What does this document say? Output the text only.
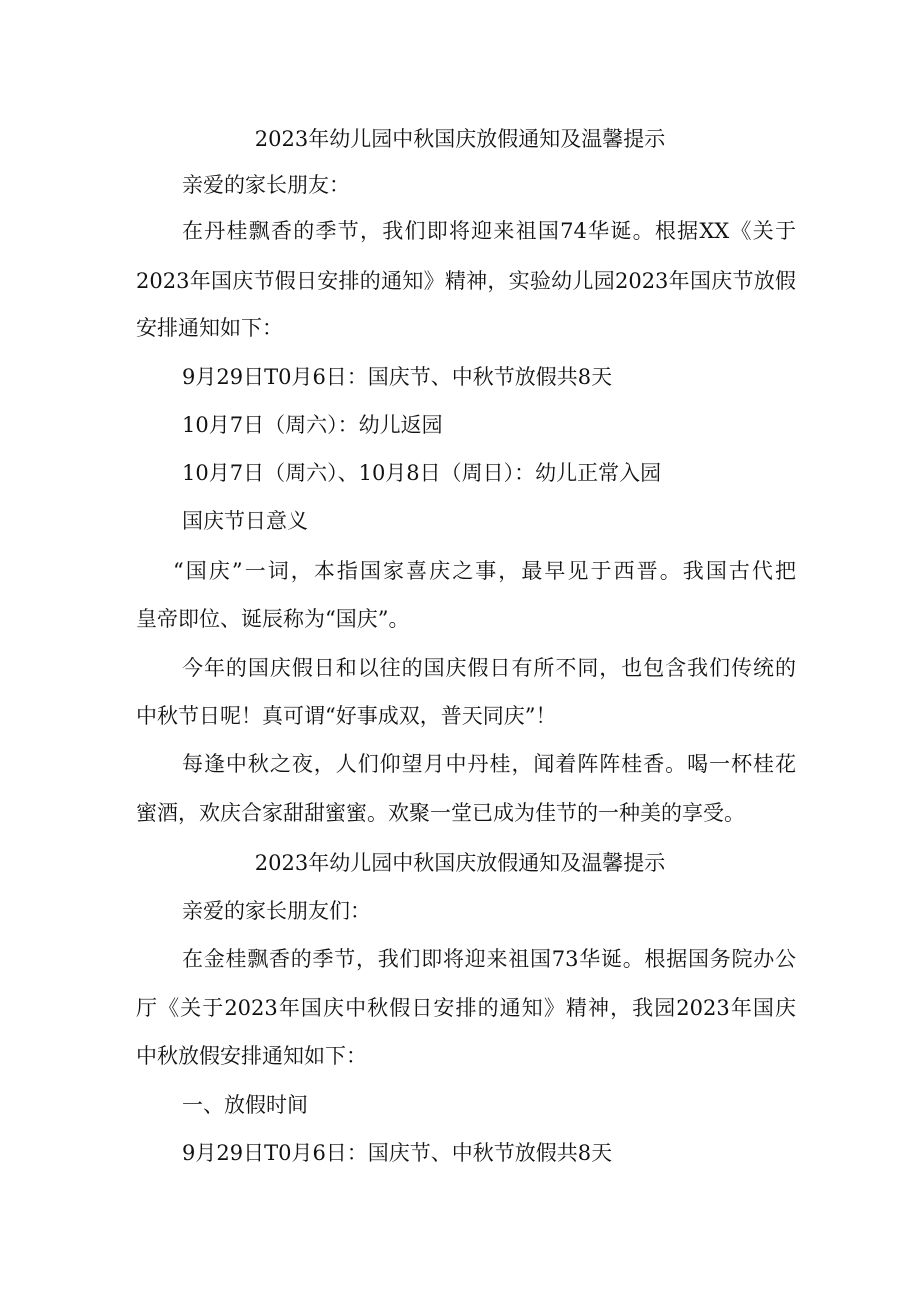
2023年幼儿园中秋国庆放假通知及温馨提示
亲爱的家长朋友：
在丹桂飘香的季节，我们即将迎来祖国74华诞。根据XX《关于
2023年国庆节假日安排的通知》精神，实验幼儿园2023年国庆节放假
安排通知如下：
9月29日T0月6日：国庆节、中秋节放假共8天
10月7日（周六）：幼儿返园
10月7日（周六）、10月8日（周日）：幼儿正常入园
国庆节日意义
“国庆”一词，本指国家喜庆之事，最早见于西晋。我国古代把
皇帝即位、诞辰称为“国庆”。
今年的国庆假日和以往的国庆假日有所不同，也包含我们传统的
中秋节日呢！真可谓“好事成双，普天同庆”！
每逢中秋之夜，人们仰望月中丹桂，闻着阵阵桂香。喝一杯桂花
蜜酒，欢庆合家甜甜蜜蜜。欢聚一堂已成为佳节的一种美的享受。
2023年幼儿园中秋国庆放假通知及温馨提示
亲爱的家长朋友们：
在金桂飘香的季节，我们即将迎来祖国73华诞。根据国务院办公
厅《关于2023年国庆中秋假日安排的通知》精神，我园2023年国庆
中秋放假安排通知如下：
一、放假时间
9月29日T0月6日：国庆节、中秋节放假共8天
